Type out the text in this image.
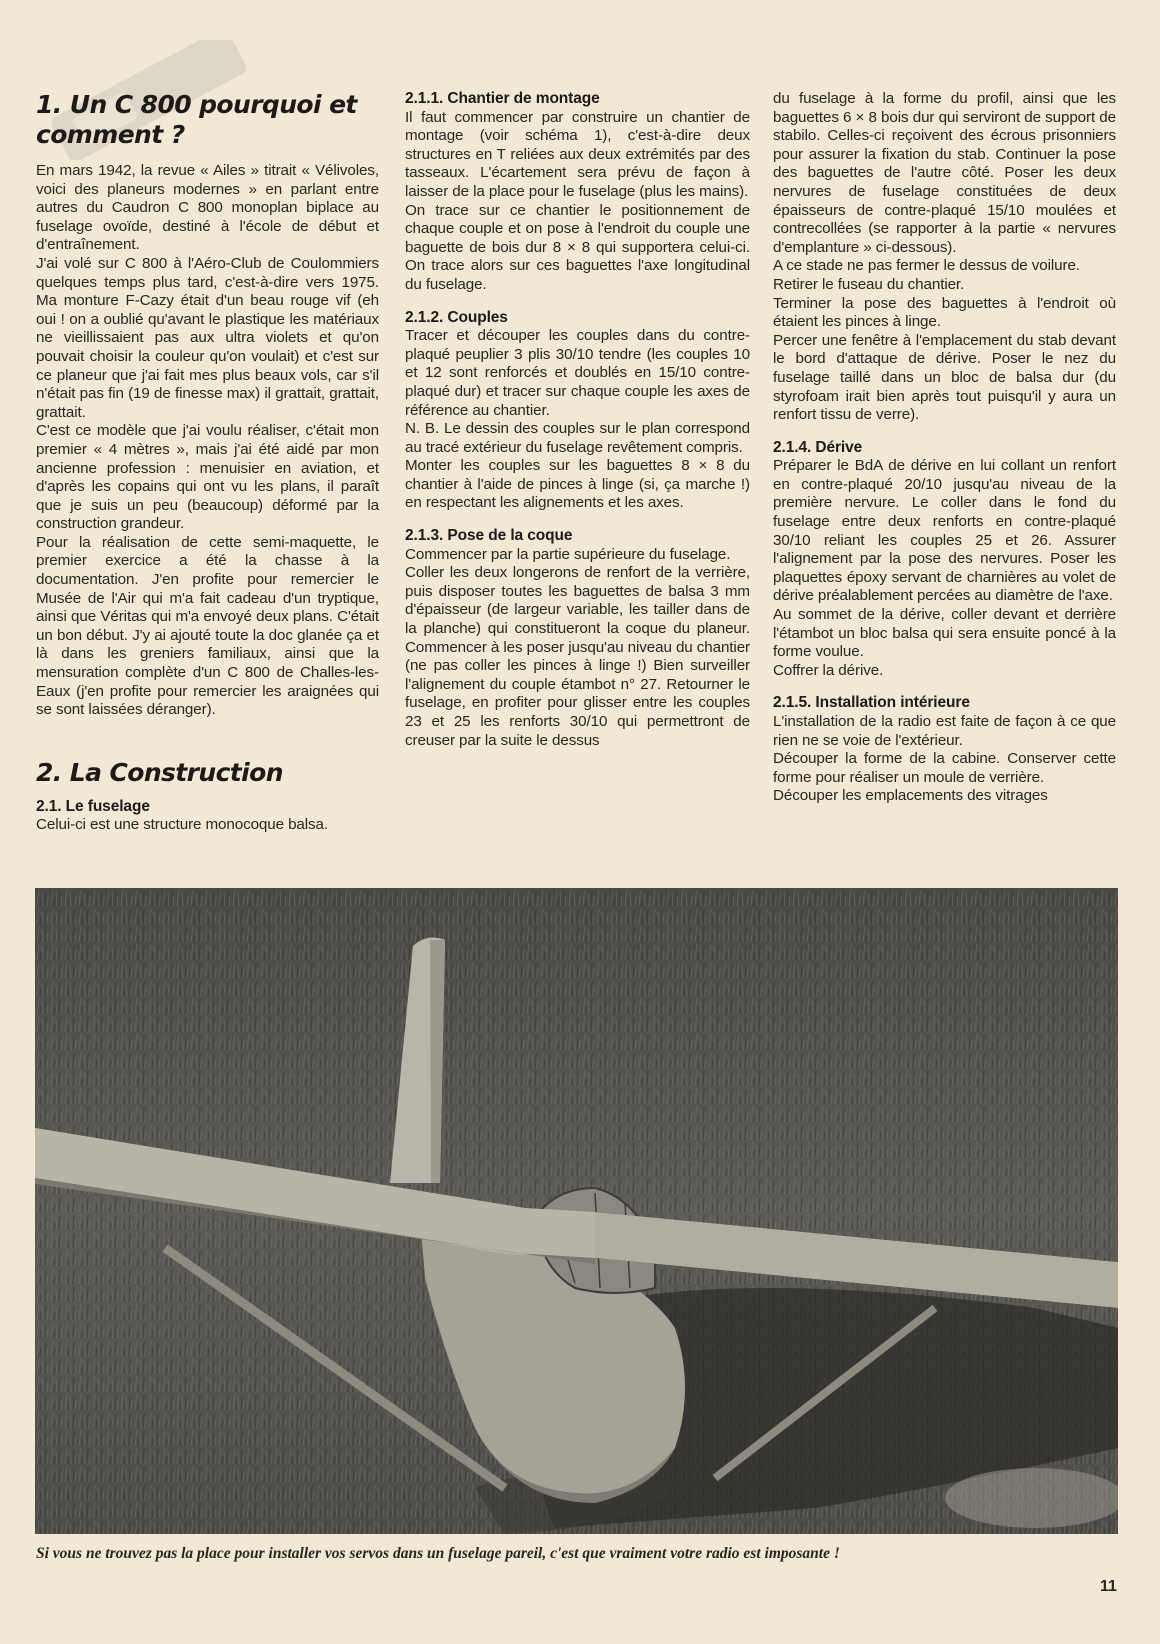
1. Un C 800 pourquoi et comment ?

En mars 1942, la revue « Ailes » titrait « Vélivoles, voici des planeurs modernes » en parlant entre autres du Caudron C 800 monoplan biplace au fuselage ovoïde, destiné à l'école de début et d'entraînement.

J'ai volé sur C 800 à l'Aéro-Club de Coulommiers quelques temps plus tard, c'est-à-dire vers 1975. Ma monture F-Cazy était d'un beau rouge vif (eh oui ! on a oublié qu'avant le plastique les matériaux ne vieillissaient pas aux ultra violets et qu'on pouvait choisir la couleur qu'on voulait) et c'est sur ce planeur que j'ai fait mes plus beaux vols, car s'il n'était pas fin (19 de finesse max) il grattait, grattait, grattait.

C'est ce modèle que j'ai voulu réaliser, c'était mon premier « 4 mètres », mais j'ai été aidé par mon ancienne profession : menuisier en aviation, et d'après les copains qui ont vu les plans, il paraît que je suis un peu (beaucoup) déformé par la construction grandeur.

Pour la réalisation de cette semi-maquette, le premier exercice a été la chasse à la documentation. J'en profite pour remercier le Musée de l'Air qui m'a fait cadeau d'un tryptique, ainsi que Véritas qui m'a envoyé deux plans. C'était un bon début. J'y ai ajouté toute la doc glanée ça et là dans les greniers familiaux, ainsi que la mensuration complète d'un C 800 de Challes-les-Eaux (j'en profite pour remercier les araignées qui se sont laissées déranger).

2. La Construction
2.1. Le fuselage

Celui-ci est une structure monocoque balsa.

2.1.1. Chantier de montage

Il faut commencer par construire un chantier de montage (voir schéma 1), c'est-à-dire deux structures en T reliées aux deux extrémités par des tasseaux. L'écartement sera prévu de façon à laisser de la place pour le fuselage (plus les mains).

On trace sur ce chantier le positionnement de chaque couple et on pose à l'endroit du couple une baguette de bois dur 8 × 8 qui supportera celui-ci. On trace alors sur ces baguettes l'axe longitudinal du fuselage.

2.1.2. Couples

Tracer et découper les couples dans du contre-plaqué peuplier 3 plis 30/10 tendre (les couples 10 et 12 sont renforcés et doublés en 15/10 contre-plaqué dur) et tracer sur chaque couple les axes de référence au chantier.

N. B. Le dessin des couples sur le plan correspond au tracé extérieur du fuselage revêtement compris.

Monter les couples sur les baguettes 8 × 8 du chantier à l'aide de pinces à linge (si, ça marche !) en respectant les alignements et les axes.

2.1.3. Pose de la coque

Commencer par la partie supérieure du fuselage.

Coller les deux longerons de renfort de la verrière, puis disposer toutes les baguettes de balsa 3 mm d'épaisseur (de largeur variable, les tailler dans de la planche) qui constitueront la coque du planeur. Commencer à les poser jusqu'au niveau du chantier (ne pas coller les pinces à linge !) Bien surveiller l'alignement du couple étambot n° 27. Retourner le fuselage, en profiter pour glisser entre les couples 23 et 25 les renforts 30/10 qui permettront de creuser par la suite le dessus

du fuselage à la forme du profil, ainsi que les baguettes 6 × 8 bois dur qui serviront de support de stabilo. Celles-ci reçoivent des écrous prisonniers pour assurer la fixation du stab. Continuer la pose des baguettes de l'autre côté. Poser les deux nervures de fuselage constituées de deux épaisseurs de contre-plaqué 15/10 moulées et contrecollées (se rapporter à la partie « nervures d'emplanture » ci-dessous).

A ce stade ne pas fermer le dessus de voilure.

Retirer le fuseau du chantier.

Terminer la pose des baguettes à l'endroit où étaient les pinces à linge.

Percer une fenêtre à l'emplacement du stab devant le bord d'attaque de dérive. Poser le nez du fuselage taillé dans un bloc de balsa dur (du styrofoam irait bien après tout puisqu'il y aura un renfort tissu de verre).

2.1.4. Dérive

Préparer le BdA de dérive en lui collant un renfort en contre-plaqué 20/10 jusqu'au niveau de la première nervure. Le coller dans le fond du fuselage entre deux renforts en contre-plaqué 30/10 reliant les couples 25 et 26. Assurer l'alignement par la pose des nervures. Poser les plaquettes époxy servant de charnières au volet de dérive préalablement percées au diamètre de l'axe.

Au sommet de la dérive, coller devant et derrière l'étambot un bloc balsa qui sera ensuite poncé à la forme voulue.

Coffrer la dérive.

2.1.5. Installation intérieure

L'installation de la radio est faite de façon à ce que rien ne se voie de l'extérieur.

Découper la forme de la cabine. Conserver cette forme pour réaliser un moule de verrière.

Découper les emplacements des vitrages

Si vous ne trouvez pas la place pour installer vos servos dans un fuselage pareil, c'est que vraiment votre radio est imposante !
11
